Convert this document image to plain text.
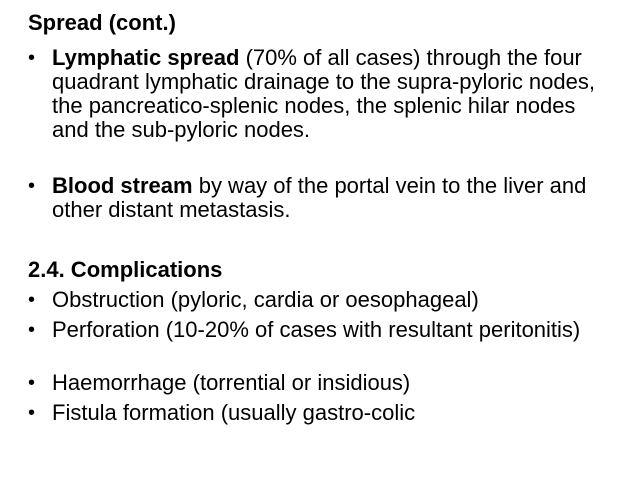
Spread (cont.)
• Lymphatic spread (70% of all cases) through the four quadrant lymphatic drainage to the supra-pyloric nodes, the pancreatico-splenic nodes, the splenic hilar nodes and the sub-pyloric nodes.
• Blood stream by way of the portal vein to the liver and other distant metastasis.
2.4. Complications
• Obstruction (pyloric, cardia or oesophageal)
• Perforation (10-20% of cases with resultant peritonitis)
• Haemorrhage (torrential or insidious)
• Fistula formation (usually gastro-colic
